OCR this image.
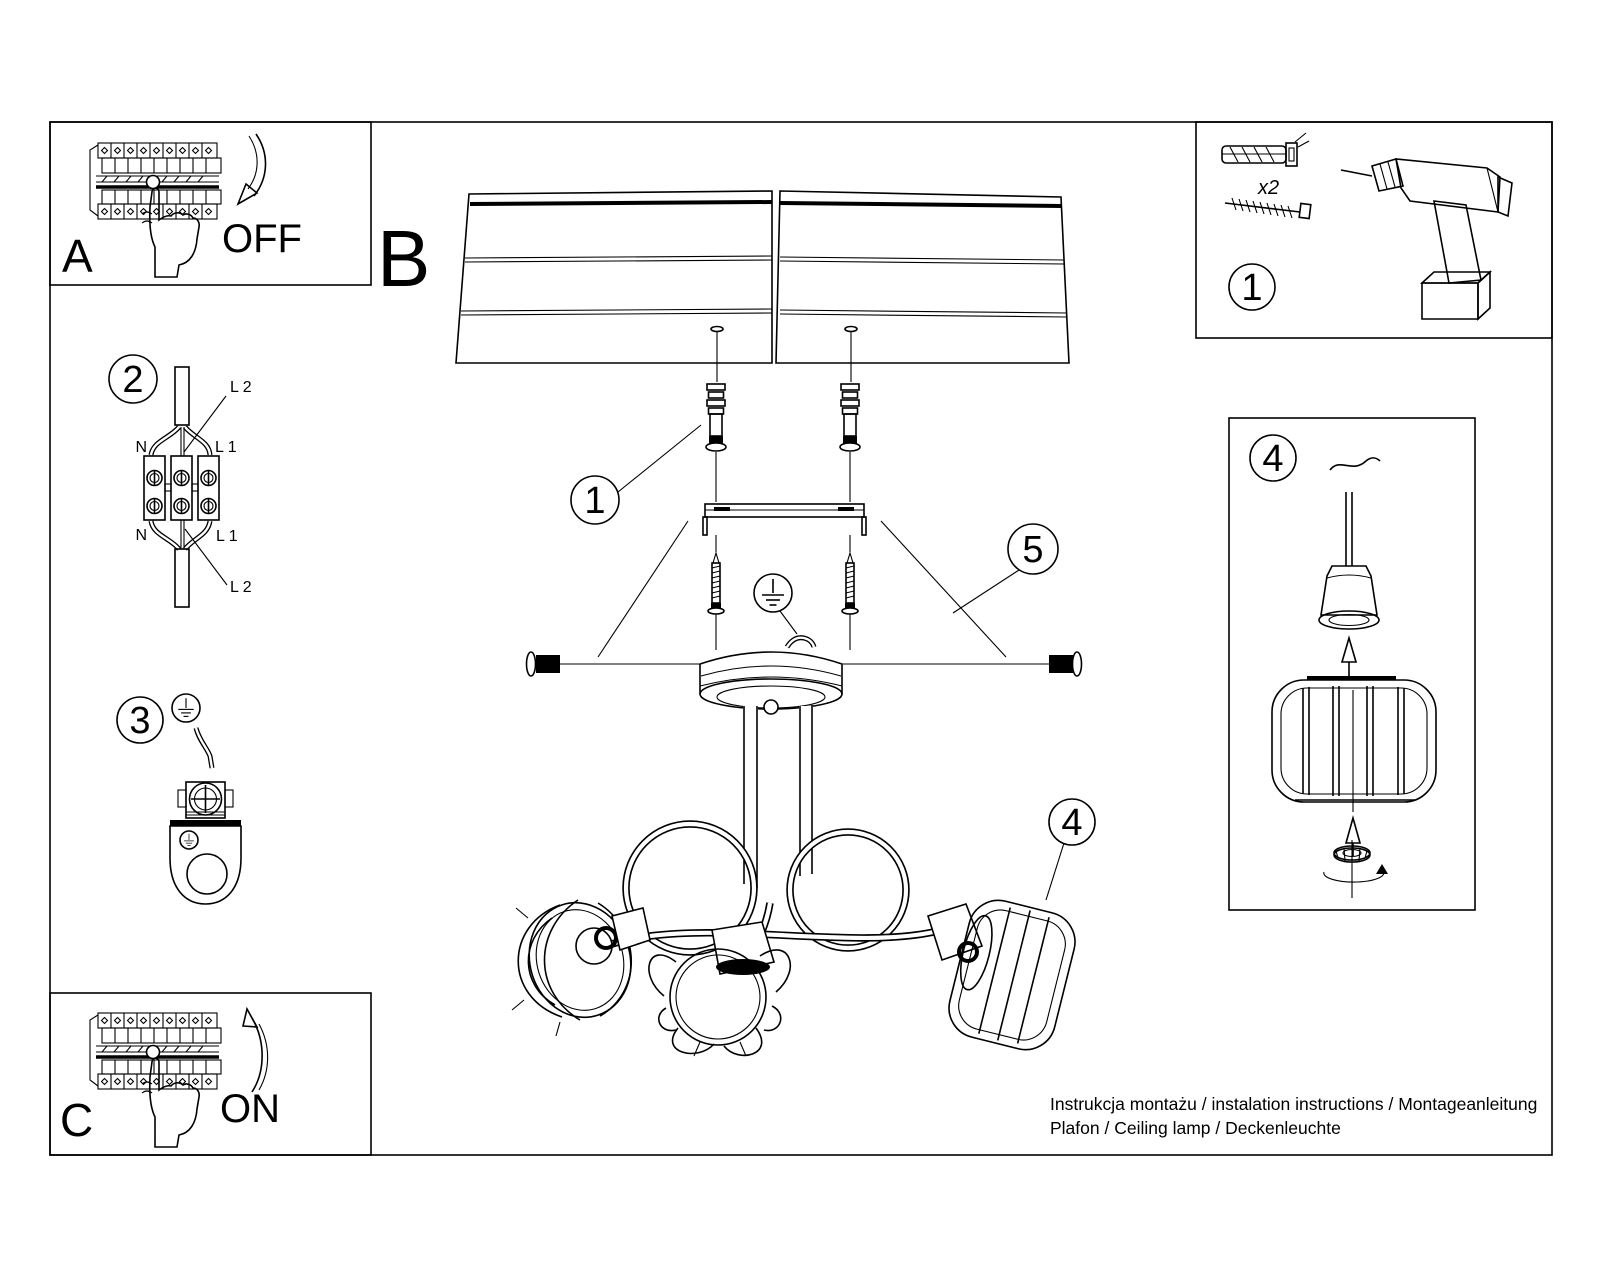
A	OFF
C	ON
2	L 2
N	L 1
N	L 1
L 2
3
B
1
5
4
x2
1
4
Instrukcja montażu / instalation instructions / Montageanleitung
Plafon / Ceiling lamp / Deckenleuchte
